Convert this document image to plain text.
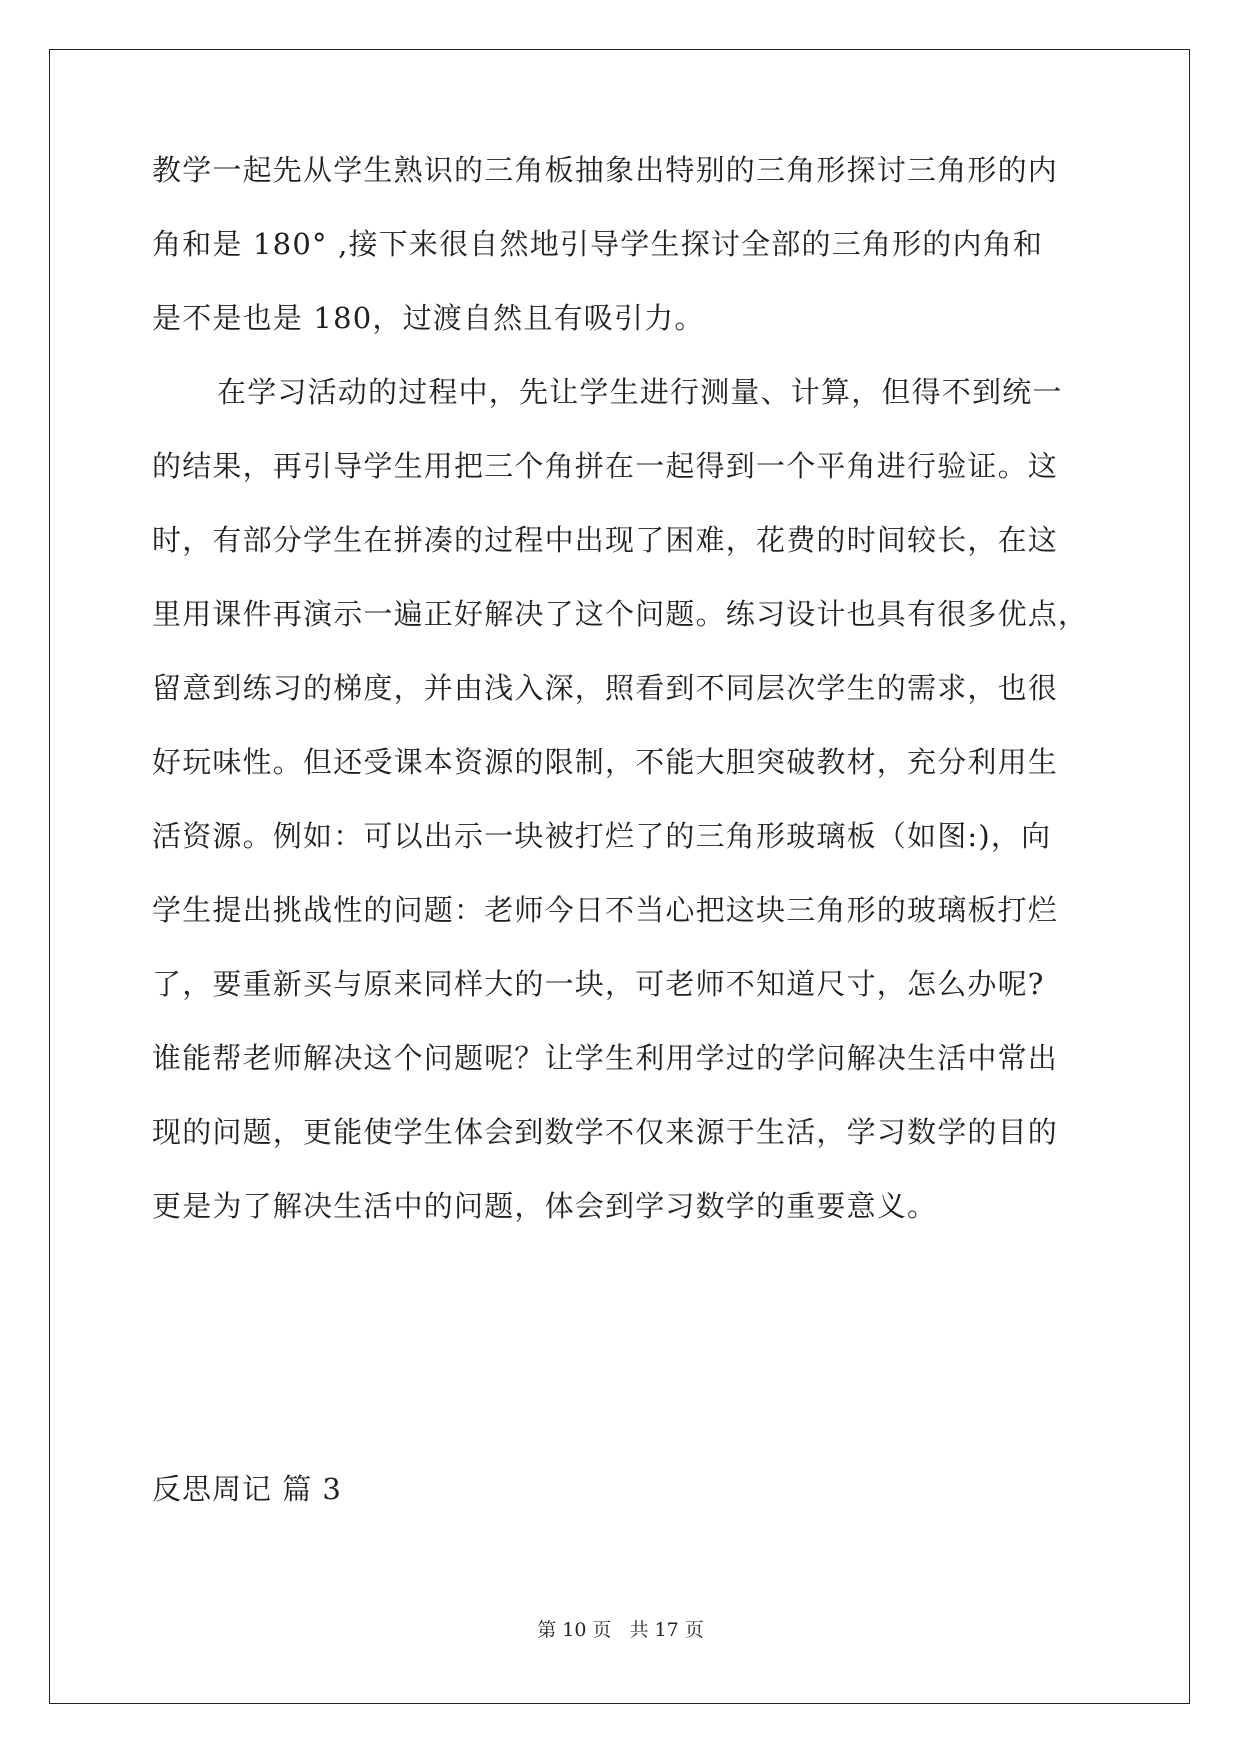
教学一起先从学生熟识的三角板抽象出特别的三角形探讨三角形的内
角和是 180° ,接下来很自然地引导学生探讨全部的三角形的内角和
是不是也是 180，过渡自然且有吸引力。
在学习活动的过程中，先让学生进行测量、计算，但得不到统一
的结果，再引导学生用把三个角拼在一起得到一个平角进行验证。这
时，有部分学生在拼凑的过程中出现了困难，花费的时间较长，在这
里用课件再演示一遍正好解决了这个问题。练习设计也具有很多优点，
留意到练习的梯度，并由浅入深，照看到不同层次学生的需求，也很
好玩味性。但还受课本资源的限制，不能大胆突破教材，充分利用生
活资源。例如：可以出示一块被打烂了的三角形玻璃板（如图:)，向
学生提出挑战性的问题：老师今日不当心把这块三角形的玻璃板打烂
了，要重新买与原来同样大的一块，可老师不知道尺寸，怎么办呢?
谁能帮老师解决这个问题呢？让学生利用学过的学问解决生活中常出
现的问题，更能使学生体会到数学不仅来源于生活，学习数学的目的
更是为了解决生活中的问题，体会到学习数学的重要意义。
反思周记 篇 3
第 10 页 共 17 页
